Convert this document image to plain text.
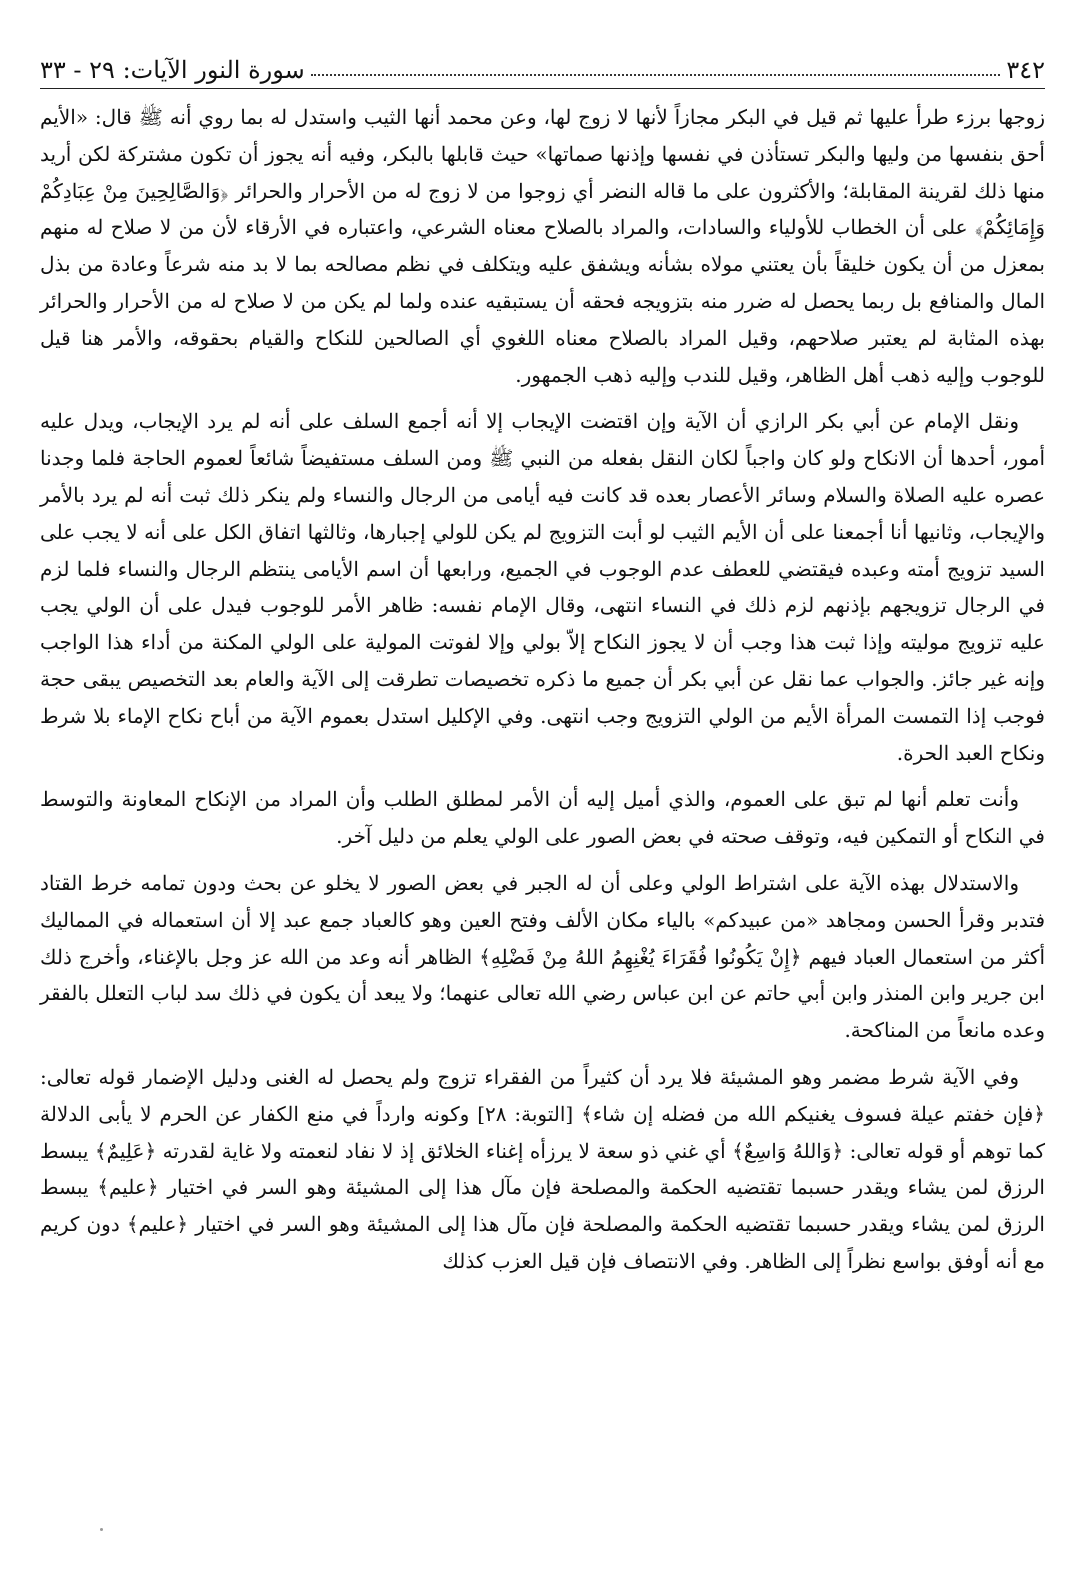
٣٤٢
سورة النور الآيات: ٢٩ - ٣٣

زوجها برزء طرأ عليها ثم قيل في البكر مجازاً لأنها لا زوج لها، وعن محمد أنها الثيب واستدل له بما روي أنه ﷺ قال: «الأيم أحق بنفسها من وليها والبكر تستأذن في نفسها وإذنها صماتها» حيث قابلها بالبكر، وفيه أنه يجوز أن تكون مشتركة لكن أريد منها ذلك لقرينة المقابلة؛ والأكثرون على ما قاله النضر أي زوجوا من لا زوج له من الأحرار والحرائر ﴿وَالصَّالِحِينَ مِنْ عِبَادِكُمْ وَإِمَائِكُمْ﴾ على أن الخطاب للأولياء والسادات، والمراد بالصلاح معناه الشرعي، واعتباره في الأرقاء لأن من لا صلاح له منهم بمعزل من أن يكون خليقاً بأن يعتني مولاه بشأنه ويشفق عليه ويتكلف في نظم مصالحه بما لا بد منه شرعاً وعادة من بذل المال والمنافع بل ربما يحصل له ضرر منه بتزويجه فحقه أن يستبقيه عنده ولما لم يكن من لا صلاح له من الأحرار والحرائر بهذه المثابة لم يعتبر صلاحهم، وقيل المراد بالصلاح معناه اللغوي أي الصالحين للنكاح والقيام بحقوقه، والأمر هنا قيل للوجوب وإليه ذهب أهل الظاهر، وقيل للندب وإليه ذهب الجمهور.

ونقل الإمام عن أبي بكر الرازي أن الآية وإن اقتضت الإيجاب إلا أنه أجمع السلف على أنه لم يرد الإيجاب، ويدل عليه أمور، أحدها أن الانكاح ولو كان واجباً لكان النقل بفعله من النبي ﷺ ومن السلف مستفيضاً شائعاً لعموم الحاجة فلما وجدنا عصره عليه الصلاة والسلام وسائر الأعصار بعده قد كانت فيه أيامى من الرجال والنساء ولم ينكر ذلك ثبت أنه لم يرد بالأمر والإيجاب، وثانيها أنا أجمعنا على أن الأيم الثيب لو أبت التزويج لم يكن للولي إجبارها، وثالثها اتفاق الكل على أنه لا يجب على السيد تزويج أمته وعبده فيقتضي للعطف عدم الوجوب في الجميع، ورابعها أن اسم الأيامى ينتظم الرجال والنساء فلما لزم في الرجال تزويجهم بإذنهم لزم ذلك في النساء انتهى، وقال الإمام نفسه: ظاهر الأمر للوجوب فيدل على أن الولي يجب عليه تزويج موليته وإذا ثبت هذا وجب أن لا يجوز النكاح إلاّ بولي وإلا لفوتت المولية على الولي المكنة من أداء هذا الواجب وإنه غير جائز. والجواب عما نقل عن أبي بكر أن جميع ما ذكره تخصيصات تطرقت إلى الآية والعام بعد التخصيص يبقى حجة فوجب إذا التمست المرأة الأيم من الولي التزويج وجب انتهى. وفي الإكليل استدل بعموم الآية من أباح نكاح الإماء بلا شرط ونكاح العبد الحرة.

وأنت تعلم أنها لم تبق على العموم، والذي أميل إليه أن الأمر لمطلق الطلب وأن المراد من الإنكاح المعاونة والتوسط في النكاح أو التمكين فيه، وتوقف صحته في بعض الصور على الولي يعلم من دليل آخر.

والاستدلال بهذه الآية على اشتراط الولي وعلى أن له الجبر في بعض الصور لا يخلو عن بحث ودون تمامه خرط القتاد فتدبر وقرأ الحسن ومجاهد «من عبيدكم» بالياء مكان الألف وفتح العين وهو كالعباد جمع عبد إلا أن استعماله في المماليك أكثر من استعمال العباد فيهم ﴿إِنْ يَكُونُوا فُقَرَاءَ يُغْنِهِمُ اللهُ مِنْ فَضْلِهِ﴾ الظاهر أنه وعد من الله عز وجل بالإغناء، وأخرج ذلك ابن جرير وابن المنذر وابن أبي حاتم عن ابن عباس رضي الله تعالى عنهما؛ ولا يبعد أن يكون في ذلك سد لباب التعلل بالفقر وعده مانعاً من المناكحة.

وفي الآية شرط مضمر وهو المشيئة فلا يرد أن كثيراً من الفقراء تزوج ولم يحصل له الغنى ودليل الإضمار قوله تعالى: ﴿فإن خفتم عيلة فسوف يغنيكم الله من فضله إن شاء﴾ [التوبة: ٢٨] وكونه وارداً في منع الكفار عن الحرم لا يأبى الدلالة كما توهم أو قوله تعالى: ﴿وَاللهُ وَاسِعٌ﴾ أي غني ذو سعة لا يرزأه إغناء الخلائق إذ لا نفاد لنعمته ولا غاية لقدرته ﴿عَلِيمٌ﴾ يبسط الرزق لمن يشاء ويقدر حسبما تقتضيه الحكمة والمصلحة فإن مآل هذا إلى المشيئة وهو السر في اختيار ﴿عليم﴾ يبسط الرزق لمن يشاء ويقدر حسبما تقتضيه الحكمة والمصلحة فإن مآل هذا إلى المشيئة وهو السر في اختيار ﴿عليم﴾ دون كريم مع أنه أوفق بواسع نظراً إلى الظاهر. وفي الانتصاف فإن قيل العزب كذلك
